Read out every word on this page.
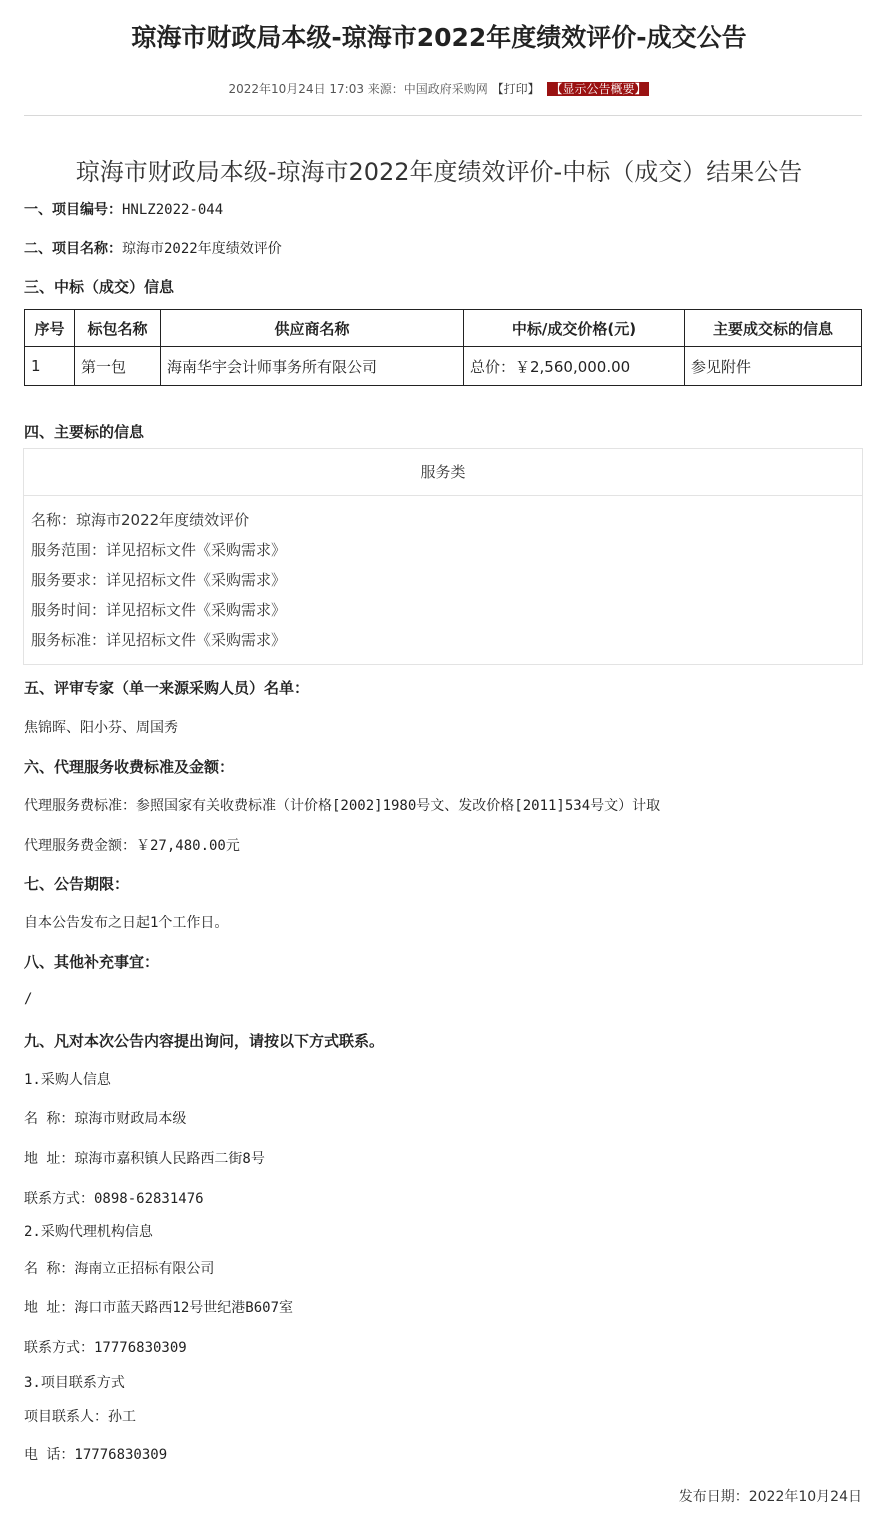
琼海市财政局本级-琼海市2022年度绩效评价-成交公告
2022年10月24日 17:03 来源：中国政府采购网 【打印】 【显示公告概要】
琼海市财政局本级-琼海市2022年度绩效评价-中标（成交）结果公告
一、项目编号：HNLZ2022-044
二、项目名称：琼海市2022年度绩效评价
三、中标（成交）信息
序号	标包名称	供应商名称	中标/成交价格(元)	主要成交标的信息
1	第一包	海南华宇会计师事务所有限公司	总价：￥2,560,000.00	参见附件
四、主要标的信息
服务类
名称：琼海市2022年度绩效评价
服务范围：详见招标文件《采购需求》
服务要求：详见招标文件《采购需求》
服务时间：详见招标文件《采购需求》
服务标准：详见招标文件《采购需求》
五、评审专家（单一来源采购人员）名单：
焦锦晖、阳小芬、周国秀
六、代理服务收费标准及金额：
代理服务费标准：参照国家有关收费标准（计价格[2002]1980号文、发改价格[2011]534号文）计取
代理服务费金额：￥27,480.00元
七、公告期限：
自本公告发布之日起1个工作日。
八、其他补充事宜：
/
九、凡对本次公告内容提出询问，请按以下方式联系。
1.采购人信息
名 称：琼海市财政局本级
地 址：琼海市嘉积镇人民路西二街8号
联系方式：0898-62831476
2.采购代理机构信息
名 称：海南立正招标有限公司
地 址：海口市蓝天路西12号世纪港B607室
联系方式：17776830309
3.项目联系方式
项目联系人：孙工
电 话：17776830309
发布日期：2022年10月24日
